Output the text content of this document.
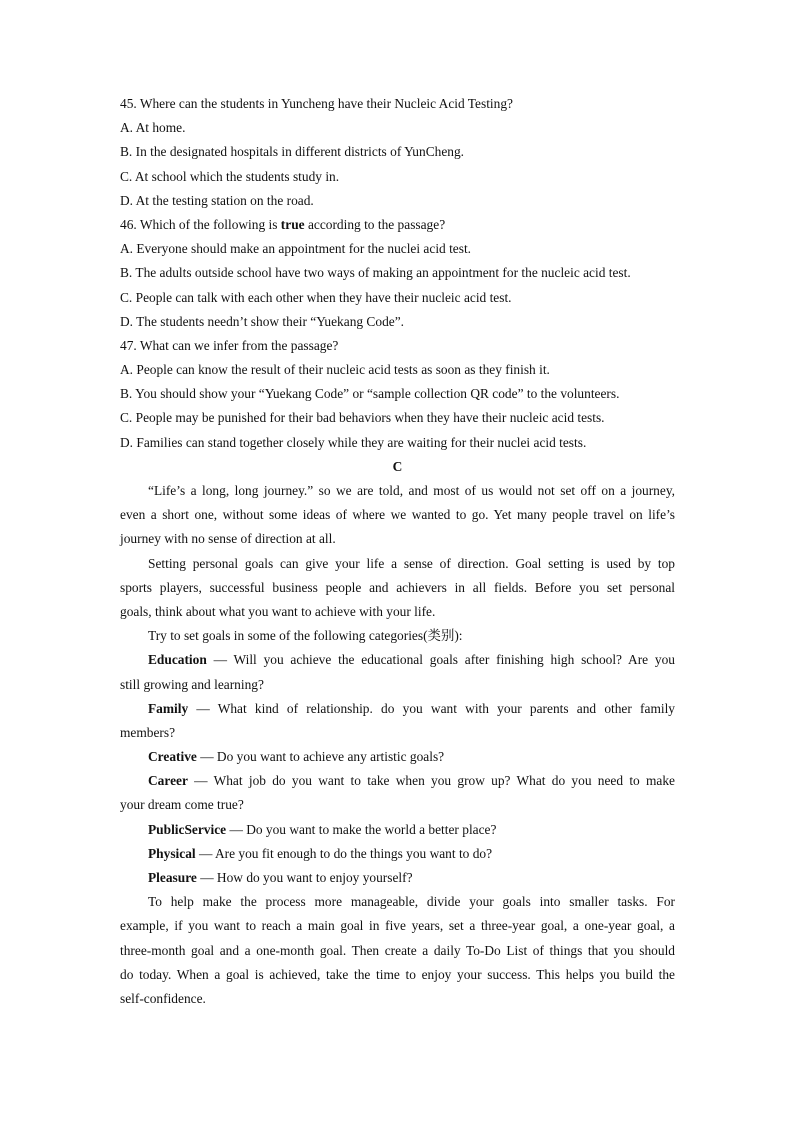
45. Where can the students in Yuncheng have their Nucleic Acid Testing?
A. At home.
B. In the designated hospitals in different districts of YunCheng.
C. At school which the students study in.
D. At the testing station on the road.
46. Which of the following is true according to the passage?
A. Everyone should make an appointment for the nuclei acid test.
B. The adults outside school have two ways of making an appointment for the nucleic acid test.
C. People can talk with each other when they have their nucleic acid test.
D. The students needn’t show their “Yuekang Code”.
47. What can we infer from the passage?
A. People can know the result of their nucleic acid tests as soon as they finish it.
B. You should show your “Yuekang Code” or “sample collection QR code” to the volunteers.
C. People may be punished for their bad behaviors when they have their nucleic acid tests.
D. Families can stand together closely while they are waiting for their nuclei acid tests.
C
“Life’s a long, long journey.” so we are told, and most of us would not set off on a journey,
even a short one, without some ideas of where we wanted to go. Yet many people travel on life’s
journey with no sense of direction at all.
Setting personal goals can give your life a sense of direction. Goal setting is used by top
sports players, successful business people and achievers in all fields. Before you set personal
goals, think about what you want to achieve with your life.
Try to set goals in some of the following categories(类别):
Education — Will you achieve the educational goals after finishing high school? Are you
still growing and learning?
Family — What kind of relationship. do you want with your parents and other family
members?
Creative — Do you want to achieve any artistic goals?
Career — What job do you want to take when you grow up? What do you need to make
your dream come true?
PublicService — Do you want to make the world a better place?
Physical — Are you fit enough to do the things you want to do?
Pleasure — How do you want to enjoy yourself?
To help make the process more manageable, divide your goals into smaller tasks. For
example, if you want to reach a main goal in five years, set a three-year goal, a one-year goal, a
three-month goal and a one-month goal. Then create a daily To-Do List of things that you should
do today. When a goal is achieved, take the time to enjoy your success. This helps you build the
self-confidence.
